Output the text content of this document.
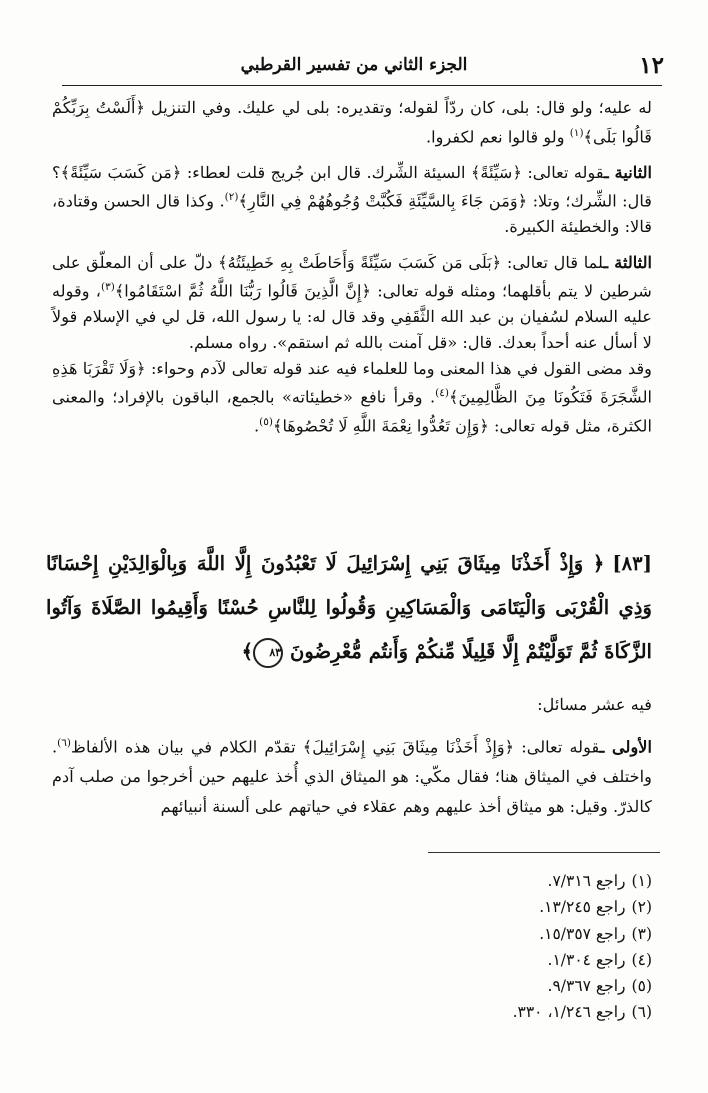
١٢
الجزء الثاني من تفسير القرطبي

له عليه؛ ولو قال: بلى، كان ردّاً لقوله؛ وتقديره: بلى لي عليك. وفي التنزيل ﴿أَلَسْتُ بِرَبِّكُمْ قَالُوا بَلَى﴾$^{(١)}$ ولو قالوا نعم لكفروا.

الثانية ـقوله تعالى: ﴿سَيِّئَةً﴾ السيئة الشِّرك. قال ابن جُريج قلت لعطاء: ﴿مَن كَسَبَ سَيِّئَةً﴾؟ قال: الشِّرك؛ وتلا: ﴿وَمَن جَاءَ بِالسَّيِّئَةِ فَكُبَّتْ وُجُوهُهُمْ فِي النَّارِ﴾$^{(٢)}$. وكذا قال الحسن وقتادة، قالا: والخطيئة الكبيرة.

الثالثة ـلما قال تعالى: ﴿بَلَى مَن كَسَبَ سَيِّئَةً وَأَحَاطَتْ بِهِ خَطِيئَتُهُ﴾ دلّ على أن المعلّق على شرطين لا يتم بأقلهما؛ ومثله قوله تعالى: ﴿إِنَّ الَّذِينَ قَالُوا رَبُّنَا اللَّهُ ثُمَّ اسْتَقَامُوا﴾$^{(٣)}$، وقوله عليه السلام لسُفيان بن عبد الله الثَّقَفِي وقد قال له: يا رسول الله، قل لي في الإسلام قولاً لا أسأل عنه أحداً بعدك. قال: «قل آمنت بالله ثم استقم». رواه مسلم.

وقد مضى القول في هذا المعنى وما للعلماء فيه عند قوله تعالى لآدم وحواء: ﴿وَلَا تَقْرَبَا هَذِهِ الشَّجَرَةَ فَتَكُونَا مِنَ الظَّالِمِينَ﴾$^{(٤)}$. وقرأ نافع «خطيئاته» بالجمع، الباقون بالإفراد؛ والمعنى الكثرة، مثل قوله تعالى: ﴿وَإِن تَعُدُّوا نِعْمَةَ اللَّهِ لَا تُحْصُوهَا﴾$^{(٥)}$.

[٨٣]﴿ وَإِذْ أَخَذْنَا مِيثَاقَ بَنِي إِسْرَائِيلَ لَا تَعْبُدُونَ إِلَّا اللَّهَ وَبِالْوَالِدَيْنِ إِحْسَانًا وَذِي الْقُرْبَى وَالْيَتَامَى وَالْمَسَاكِينِ وَقُولُوا لِلنَّاسِ حُسْنًا وَأَقِيمُوا الصَّلَاةَ وَآتُوا الزَّكَاةَ ثُمَّ تَوَلَّيْتُمْ إِلَّا قَلِيلًا مِّنكُمْ وَأَنتُم مُّعْرِضُونَ ٨٣﴾

فيه عشر مسائل:

الأولى ـقوله تعالى: ﴿وَإِذْ أَخَذْنَا مِيثَاقَ بَنِي إِسْرَائِيلَ﴾ تقدّم الكلام في بيان هذه الألفاظ$^{(٦)}$. واختلف في الميثاق هنا؛ فقال مكّي: هو الميثاق الذي أُخذ عليهم حين أخرجوا من صلب آدم كالذرّ. وقيل: هو ميثاق أخذ عليهم وهم عقلاء في حياتهم على ألسنة أنبيائهم

(١)راجع ٧/٣١٦.
(٢)راجع ١٣/٢٤٥.
(٣)راجع ١٥/٣٥٧.
(٤)راجع ١/٣٠٤.
(٥)راجع ٩/٣٦٧.
(٦)راجع ١/٢٤٦، ٣٣٠.
